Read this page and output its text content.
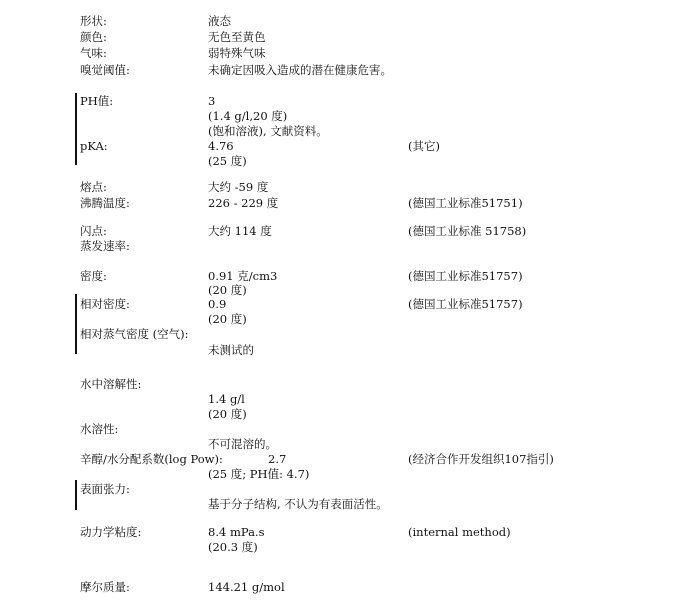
形状:	液态
颜色:	无色至黄色
气味:	弱特殊气味
嗅觉阈值:	未确定因吸入造成的潜在健康危害。
PH值:	3
(1.4 g/l,20 度)
(饱和溶液), 文献资料。
pKA:	4.76	(其它)
(25 度)
熔点:	大约 -59 度
沸腾温度:	226 - 229 度	(德国工业标准51751)
闪点:	大约 114 度	(德国工业标准 51758)
蒸发速率:
密度:	0.91 克/cm3	(德国工业标准51757)
(20 度)
相对密度:	0.9	(德国工业标准51757)
(20 度)
相对蒸气密度 (空气):
未测试的
水中溶解性:
1.4 g/l
(20 度)
水溶性:
不可混溶的。
辛醇/水分配系数(log Pow):	2.7	(经济合作开发组织107指引)
(25 度; PH值: 4.7)
表面张力:
基于分子结构, 不认为有表面活性。
动力学粘度:	8.4 mPa.s	(internal method)
(20.3 度)
摩尔质量:	144.21 g/mol
